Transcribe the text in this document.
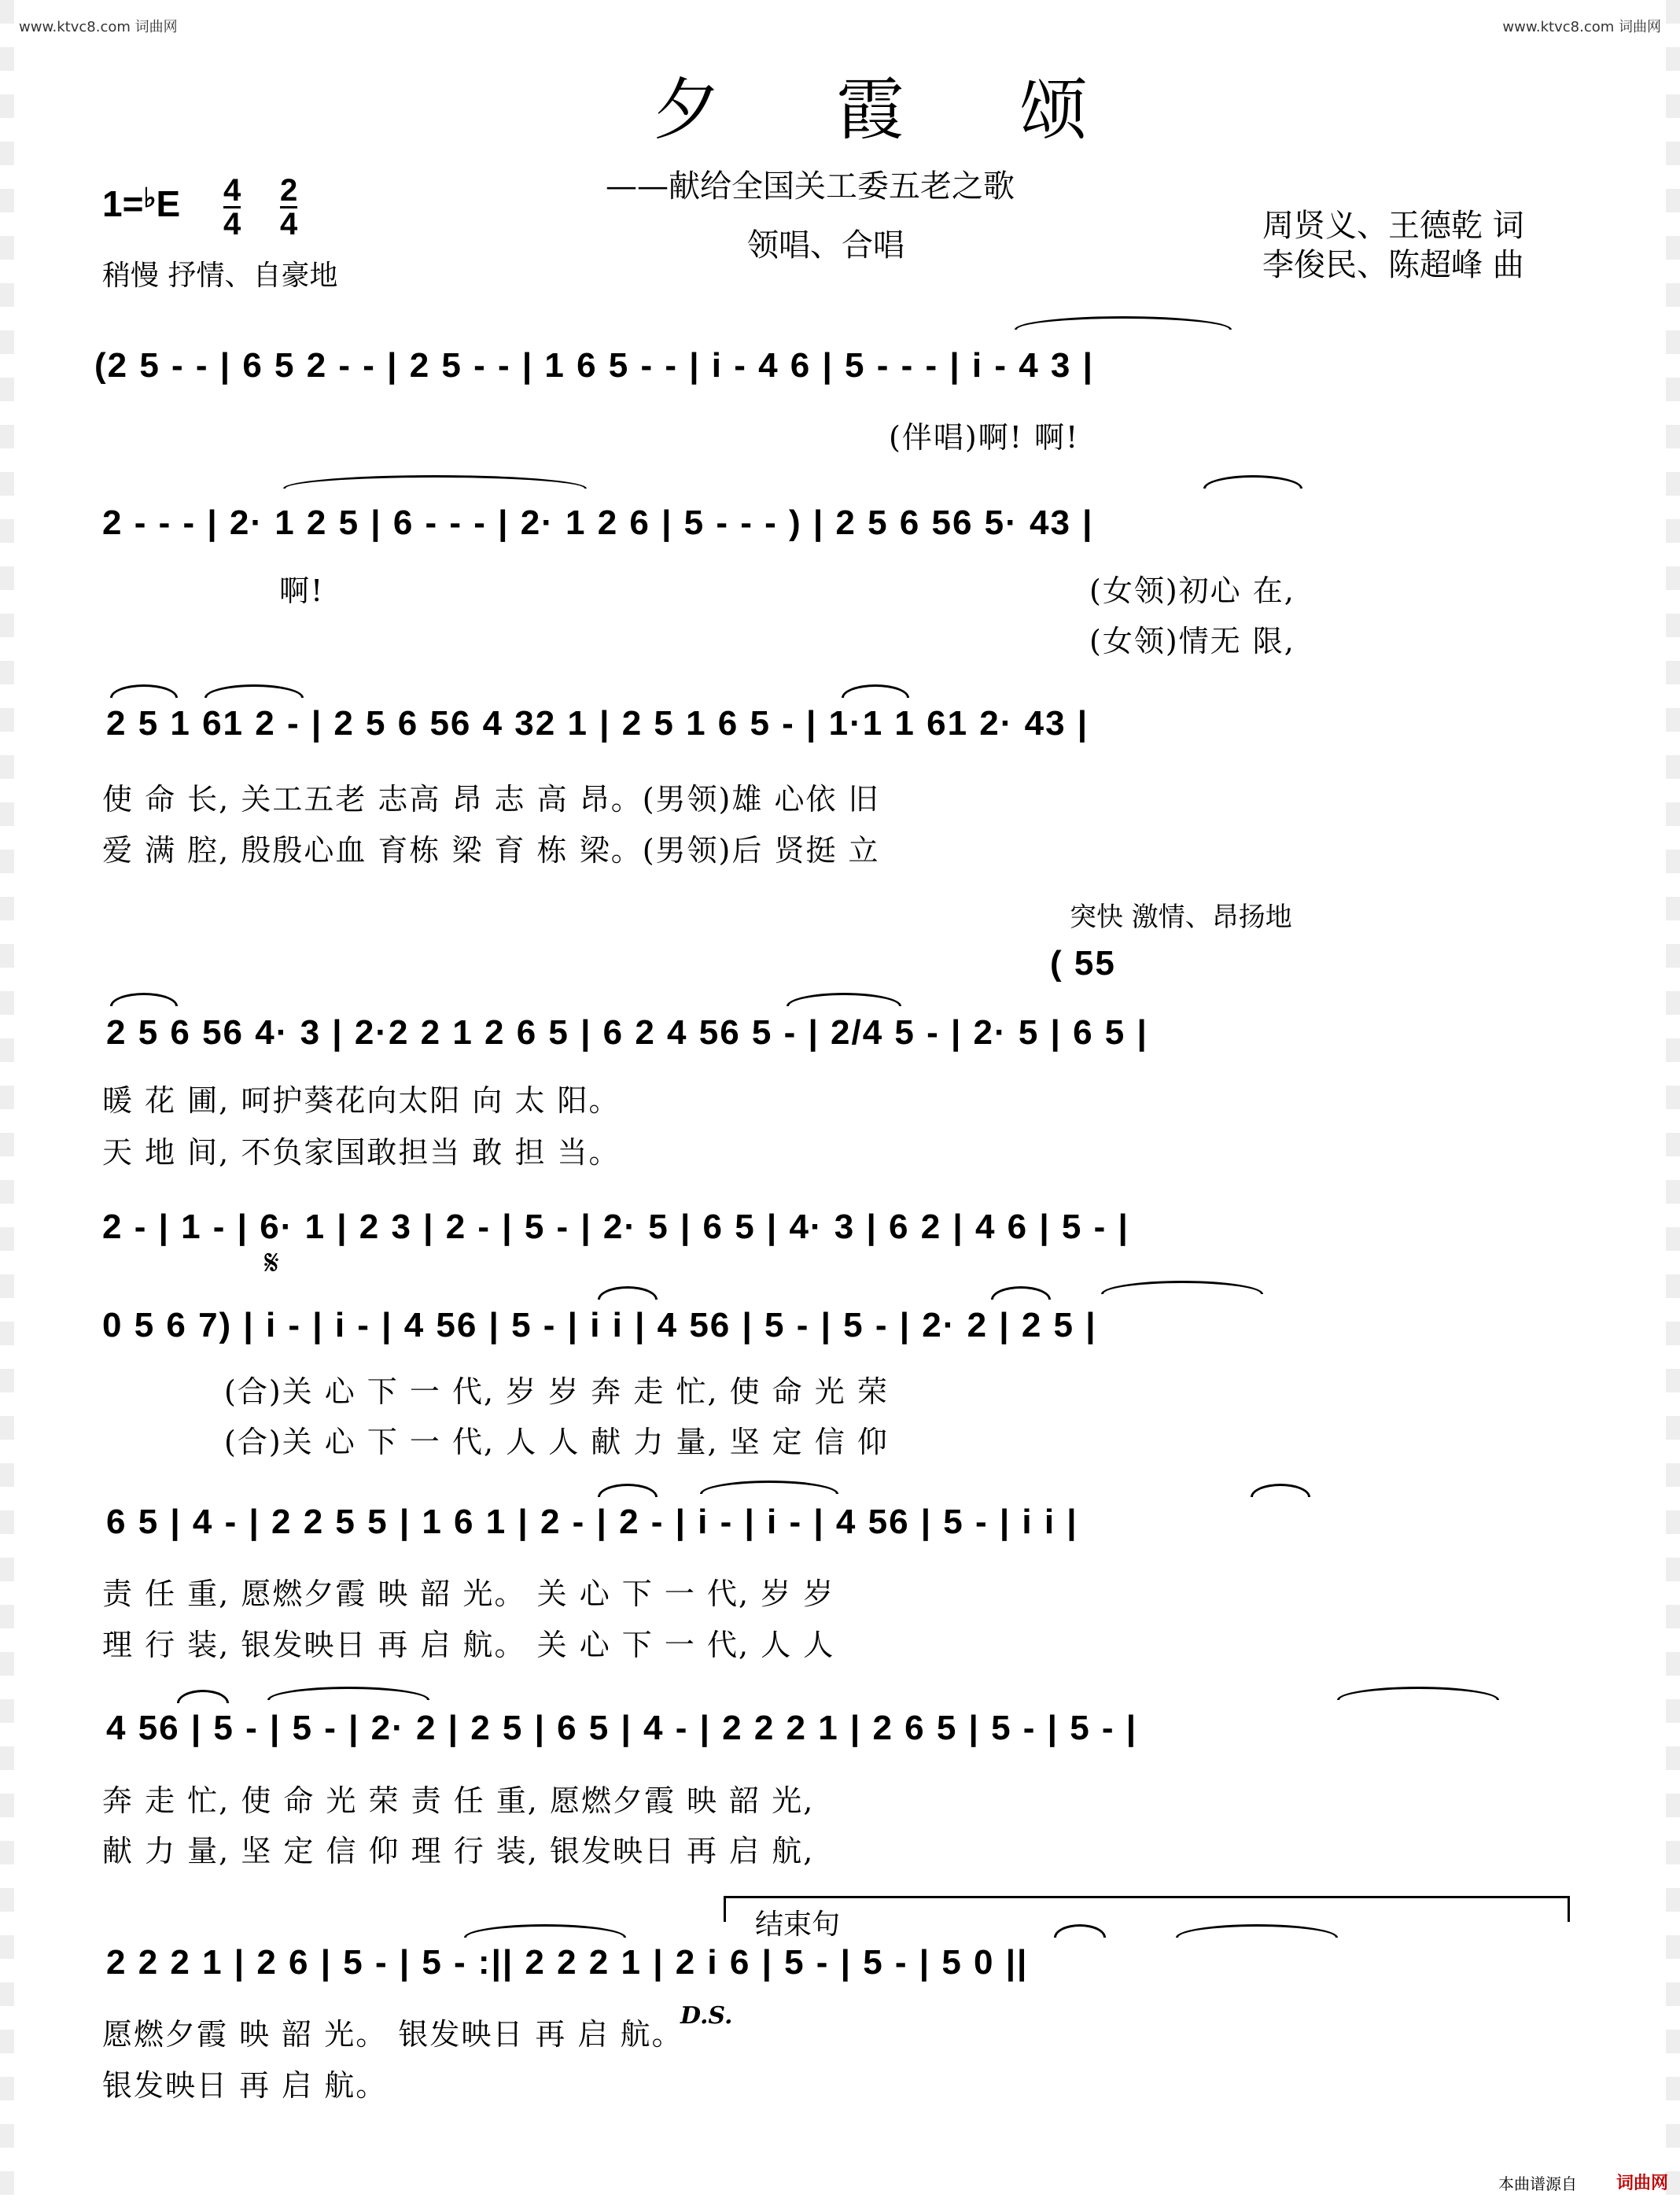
www.ktvc8.com 词曲网	www.ktvc8.com 词曲网
夕 霞 颂
——献给全国关工委五老之歌
领唱、合唱
1=♭E 4
4
2
4
稍慢 抒情、自豪地
周贤义、王德乾 词
李俊民、陈超峰 曲
(2 5 - - | 6 5 2 - - | 2 5 - - | 1 6 5 - - | i - 4 6 | 5 - - - | i - 4 3 |
(伴唱)啊! 啊!
2 - - - | 2· 1 2 5 | 6 - - - | 2· 1 2 6 | 5 - - - ) | 2 5 6 56 5· 43 |
啊!	(女领)初心 在,
(女领)情无 限,
2 5 1 61 2 - | 2 5 6 56 4 32 1 | 2 5 1 6 5 - | 1·1 1 61 2· 43 |
使 命 长, 关工五老 志高 昂 志 高 昂。(男领)雄 心依 旧
爱 满 腔, 殷殷心血 育栋 梁 育 栋 梁。(男领)后 贤挺 立
突快 激情、昂扬地
( 55
2 5 6 56 4· 3 | 2·2 2 1 2 6 5 | 6 2 4 56 5 - | 2/4 5 - | 2· 5 | 6 5 |
暖 花 圃, 呵护葵花向太阳 向 太 阳。
天 地 间, 不负家国敢担当 敢 担 当。
2 - | 1 - | 6· 1 | 2 3 | 2 - | 5 - | 2· 5 | 6 5 | 4· 3 | 6 2 | 4 6 | 5 - |
𝄋
0 5 6 7) | i - | i - | 4 56 | 5 - | i i | 4 56 | 5 - | 5 - | 2· 2 | 2 5 |
(合)关 心 下 一 代, 岁 岁 奔 走 忙, 使 命 光 荣
(合)关 心 下 一 代, 人 人 献 力 量, 坚 定 信 仰
6 5 | 4 - | 2 2 5 5 | 1 6 1 | 2 - | 2 - | i - | i - | 4 56 | 5 - | i i |
责 任 重, 愿燃夕霞 映 韶 光。 关 心 下 一 代, 岁 岁
理 行 装, 银发映日 再 启 航。 关 心 下 一 代, 人 人
4 56 | 5 - | 5 - | 2· 2 | 2 5 | 6 5 | 4 - | 2 2 2 1 | 2 6 5 | 5 - | 5 - |
奔 走 忙, 使 命 光 荣 责 任 重, 愿燃夕霞 映 韶 光,
献 力 量, 坚 定 信 仰 理 行 装, 银发映日 再 启 航,
结束句
2 2 2 1 | 2 6 | 5 - | 5 - :|| 2 2 2 1 | 2 i 6 | 5 - | 5 - | 5 0 ||
D.S.
愿燃夕霞 映 韶 光。 银发映日 再 启 航。
银发映日 再 启 航。
本曲谱源自 词曲网
